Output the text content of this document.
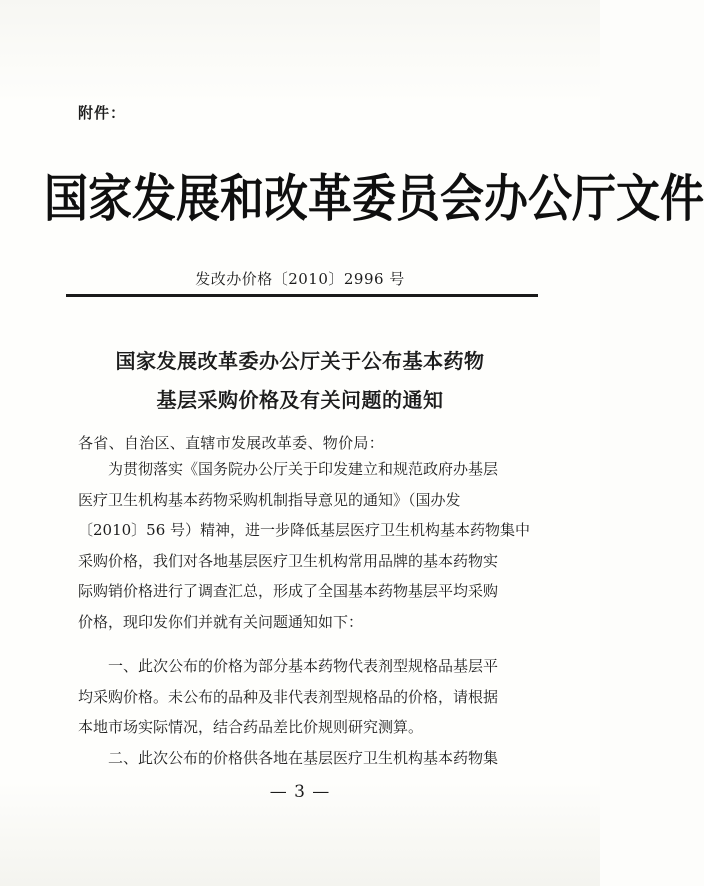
附件：
国家发展和改革委员会办公厅文件
发改办价格〔2010〕2996 号
国家发展改革委办公厅关于公布基本药物
基层采购价格及有关问题的通知
各省、自治区、直辖市发展改革委、物价局：
为贯彻落实《国务院办公厅关于印发建立和规范政府办基层
医疗卫生机构基本药物采购机制指导意见的通知》（国办发
〔2010〕56 号）精神，进一步降低基层医疗卫生机构基本药物集中
采购价格，我们对各地基层医疗卫生机构常用品牌的基本药物实
际购销价格进行了调查汇总，形成了全国基本药物基层平均采购
价格，现印发你们并就有关问题通知如下：
一、此次公布的价格为部分基本药物代表剂型规格品基层平
均采购价格。未公布的品种及非代表剂型规格品的价格，请根据
本地市场实际情况，结合药品差比价规则研究测算。
二、此次公布的价格供各地在基层医疗卫生机构基本药物集
— 3 —
